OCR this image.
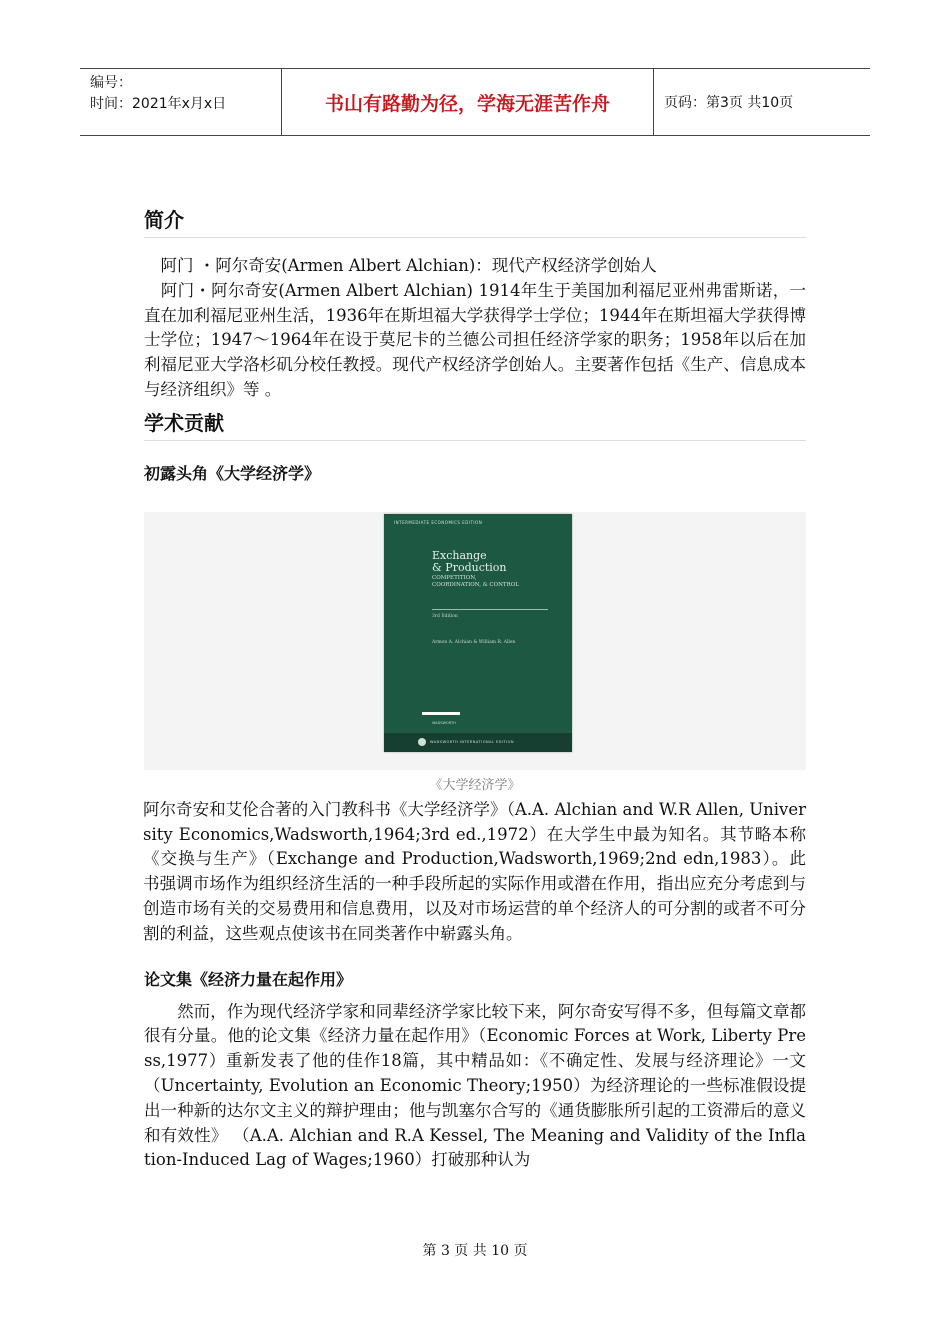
编号：
时间：2021年x月x日	书山有路勤为径，学海无涯苦作舟	页码：第3页 共10页
简介

　阿门 ・阿尔奇安(Armen Albert Alchian)：现代产权经济学创始人

　阿门・阿尔奇安(Armen Albert Alchian) 1914年生于美国加利福尼亚州弗雷斯诺，一直在加利福尼亚州生活，1936年在斯坦福大学获得学士学位；1944年在斯坦福大学获得博士学位；1947～1964年在设于莫尼卡的兰德公司担任经济学家的职务；1958年以后在加利福尼亚大学洛杉矶分校任教授。现代产权经济学创始人。主要著作包括《生产、信息成本与经济组织》等 。

学术贡献
初露头角《大学经济学》
INTERMEDIATE ECONOMICS EDITION
Exchange
& Production
COMPETITION,
COORDINATION, & CONTROL
3rd Edition
Armen A. Alchian & William R. Allen
WADSWORTH
WADSWORTH INTERNATIONAL EDITION
《大学经济学》

阿尔奇安和艾伦合著的入门教科书《大学经济学》（A.A. Alchian and W.R Allen, University Economics,Wadsworth,1964;3rd ed.,1972）在大学生中最为知名。其节略本称《交换与生产》（Exchange and Production,Wadsworth,1969;2nd edn,1983）。此书强调市场作为组织经济生活的一种手段所起的实际作用或潜在作用，指出应充分考虑到与创造市场有关的交易费用和信息费用，以及对市场运营的单个经济人的可分割的或者不可分割的利益，这些观点使该书在同类著作中崭露头角。

论文集《经济力量在起作用》

　　然而，作为现代经济学家和同辈经济学家比较下来，阿尔奇安写得不多，但每篇文章都很有分量。他的论文集《经济力量在起作用》（Economic Forces at Work, Liberty Press,1977）重新发表了他的佳作18篇，其中精品如：《不确定性、发展与经济理论》一文（Uncertainty, Evolution an Economic Theory;1950）为经济理论的一些标准假设提出一种新的达尔文主义的辩护理由；他与凯塞尔合写的《通货膨胀所引起的工资滞后的意义和有效性》 （A.A. Alchian and R.A Kessel, The Meaning and Validity of the Inflation-Induced Lag of Wages;1960）打破那种认为

第 3 页 共 10 页
